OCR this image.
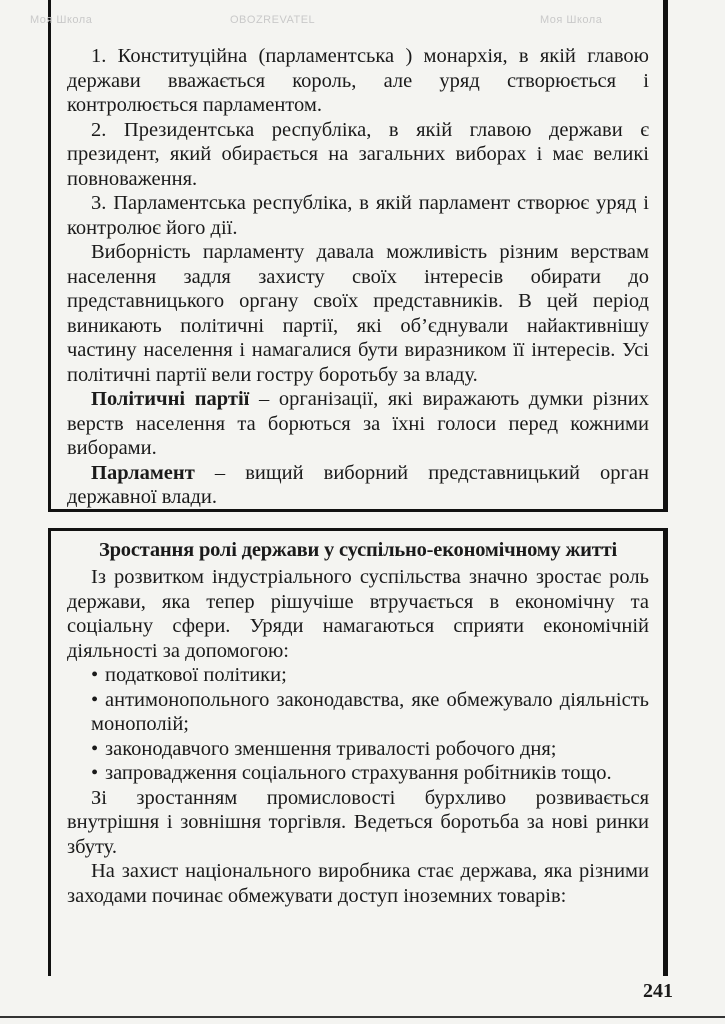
1. Конституційна (парламентська ) монархія, в якій главою держави вважається король, але уряд створюється і контролюється парламентом.

2. Президентська республіка, в якій главою держави є президент, який обирається на загальних виборах і має великі повноваження.

3. Парламентська республіка, в якій парламент створює уряд і контролює його дії.

Виборність парламенту давала можливість різним верствам населення задля захисту своїх інтересів обирати до представницького органу своїх представників. В цей період виникають політичні партії, які об’єднували найактивнішу частину населення і намагалися бути виразником її інтересів. Усі політичні партії вели гостру боротьбу за владу.

Політичні партії – організації, які виражають думки різних верств населення та борються за їхні голоси перед кожними виборами.

Парламент – вищий виборний представницький орган державної влади.

Зростання ролі держави у суспільно-економічному житті

Із розвитком індустріального суспільства значно зростає роль держави, яка тепер рішучіше втручається в економічну та соціальну сфери. Уряди намагаються сприяти економічній діяльності за допомогою:

• податкової політики;

• антимонопольного законодавства, яке обмежувало діяльність монополій;

• законодавчого зменшення тривалості робочого дня;

• запровадження соціального страхування робітників тощо.

Зі зростанням промисловості бурхливо розвивається внутрішня і зовнішня торгівля. Ведеться боротьба за нові ринки збуту.

На захист національного виробника стає держава, яка різними заходами починає обмежувати доступ іноземних товарів:

241
Моя Школа	OBOZREVATEL	Моя Школа
